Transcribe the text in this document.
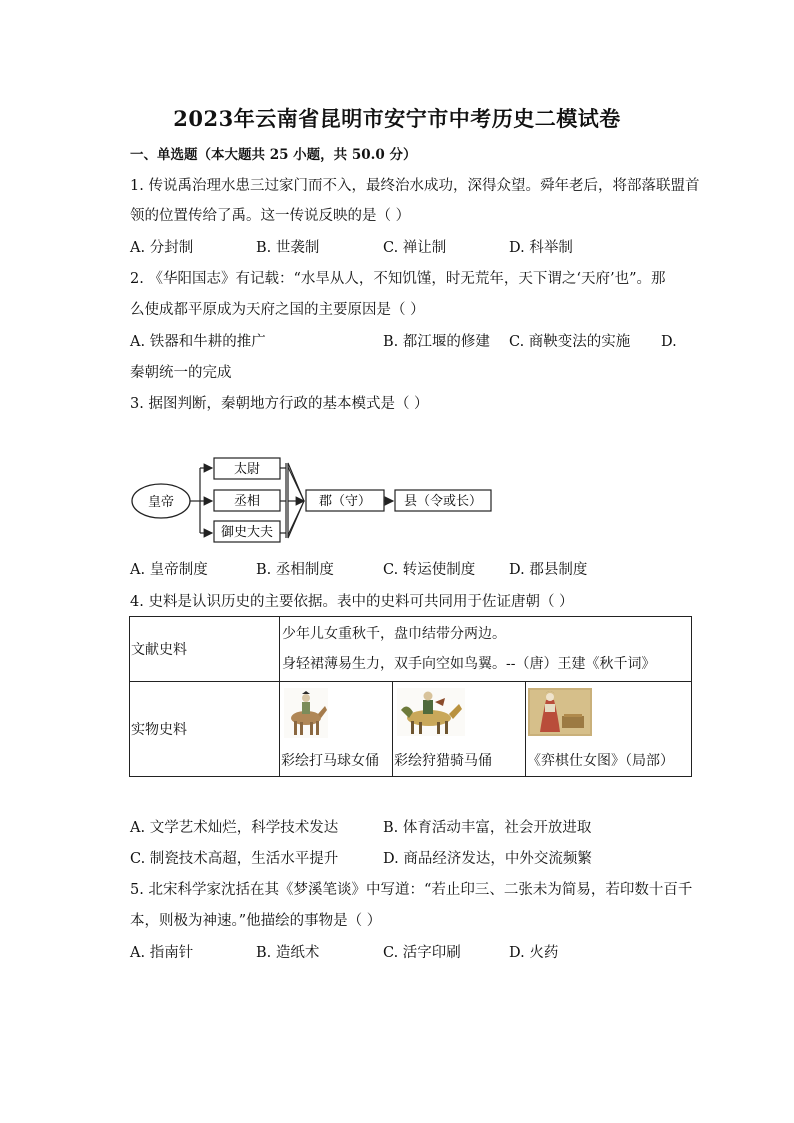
2023年云南省昆明市安宁市中考历史二模试卷
一、单选题（本大题共 25 小题，共 50.0 分）
1. 传说禹治理水患三过家门而不入，最终治水成功，深得众望。舜年老后，将部落联盟首
领的位置传给了禹。这一传说反映的是（ ）
A. 分封制	B. 世袭制	C. 禅让制	D. 科举制
2. 《华阳国志》有记载：“水旱从人，不知饥馑，时无荒年，天下谓之‘天府’也”。那
么使成都平原成为天府之国的主要原因是（ ）
A. 铁器和牛耕的推广	B. 都江堰的修建 C. 商鞅变法的实施 D.
秦朝统一的完成
3. 据图判断，秦朝地方行政的基本模式是（ ）
皇帝
太尉
丞相
御史大夫
郡（守）	县（令或长）
A. 皇帝制度	B. 丞相制度	C. 转运使制度 D. 郡县制度
4. 史料是认识历史的主要依据。表中的史料可共同用于佐证唐朝（ ）
文献史料	少年儿女重秋千，盘巾结带分两边。

身轻裙薄易生力，双手向空如鸟翼。--（唐）王建《秋千词》		

实物史料	彩绘打马球女俑	彩绘狩猎骑马俑	《弈棋仕女图》（局部）
A. 文学艺术灿烂，科学技术发达	B. 体育活动丰富，社会开放进取
C. 制瓷技术高超，生活水平提升	D. 商品经济发达，中外交流频繁
5. 北宋科学家沈括在其《梦溪笔谈》中写道：“若止印三、二张未为简易，若印数十百千
本，则极为神速。”他描绘的事物是（ ）
A. 指南针	B. 造纸术	C. 活字印刷	D. 火药
